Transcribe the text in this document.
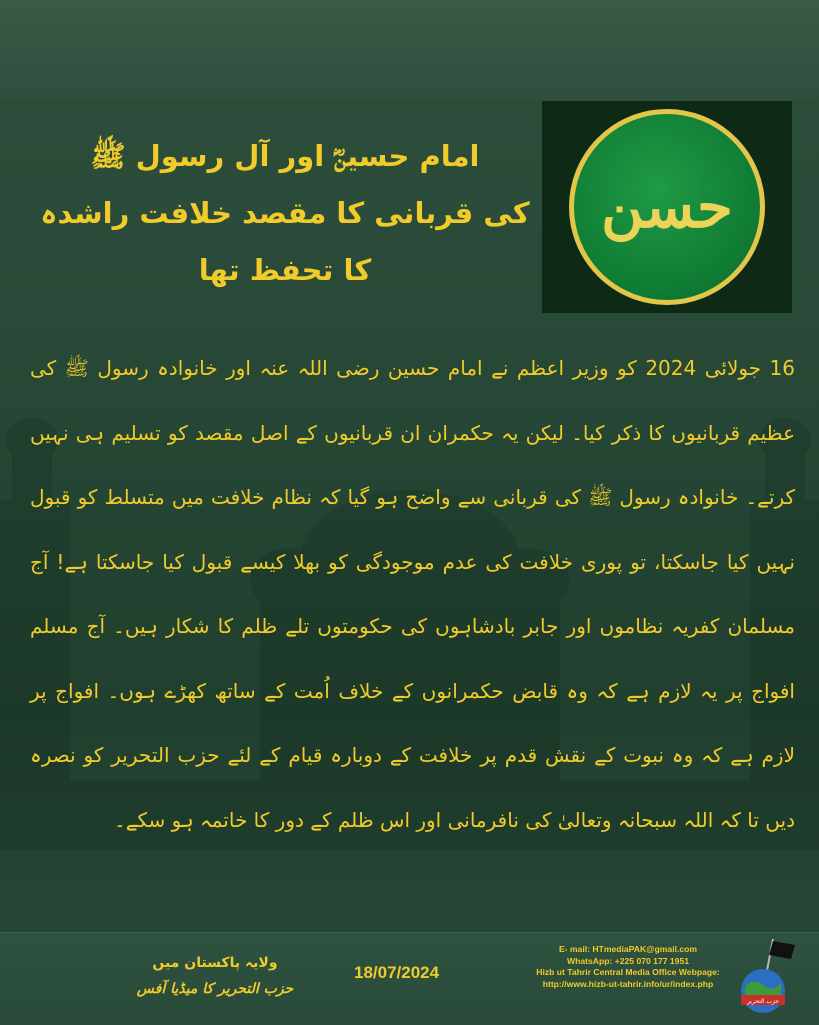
حسن
امام حسینؓ اور آل رسول ﷺ
کی قربانی کا مقصد خلافت راشدہ
کا تحفظ تھا
16 جولائی 2024 کو وزیر اعظم نے امام حسین رضی اللہ عنہ اور خانوادہ رسول ﷺ کی عظیم قربانیوں کا ذکر کیا۔ لیکن یہ حکمران ان قربانیوں کے اصل مقصد کو تسلیم ہی نہیں کرتے۔ خانوادہ رسول ﷺ کی قربانی سے واضح ہو گیا کہ نظام خلافت میں متسلط کو قبول نہیں کیا جاسکتا، تو پوری خلافت کی عدم موجودگی کو بھلا کیسے قبول کیا جاسکتا ہے! آج مسلمان کفریہ نظاموں اور جابر بادشاہوں کی حکومتوں تلے ظلم کا شکار ہیں۔ آج مسلم افواج پر یہ لازم ہے کہ وہ قابض حکمرانوں کے خلاف اُمت کے ساتھ کھڑے ہوں۔ افواج پر لازم ہے کہ وہ نبوت کے نقش قدم پر خلافت کے دوبارہ قیام کے لئے حزب التحریر کو نصرہ دیں تا کہ اللہ سبحانہ وتعالیٰ کی نافرمانی اور اس ظلم کے دور کا خاتمہ ہو سکے۔
ولایہ پاکستان میں
حزب التحریر کا میڈیا آفس
18/07/2024
E- mail: HTmediaPAK@gmail.com
WhatsApp: +225 070 177 1951
Hizb ut Tahrir Central Media Office Webpage:
http://www.hizb-ut-tahrir.info/ur/index.php
حزب التحریر
